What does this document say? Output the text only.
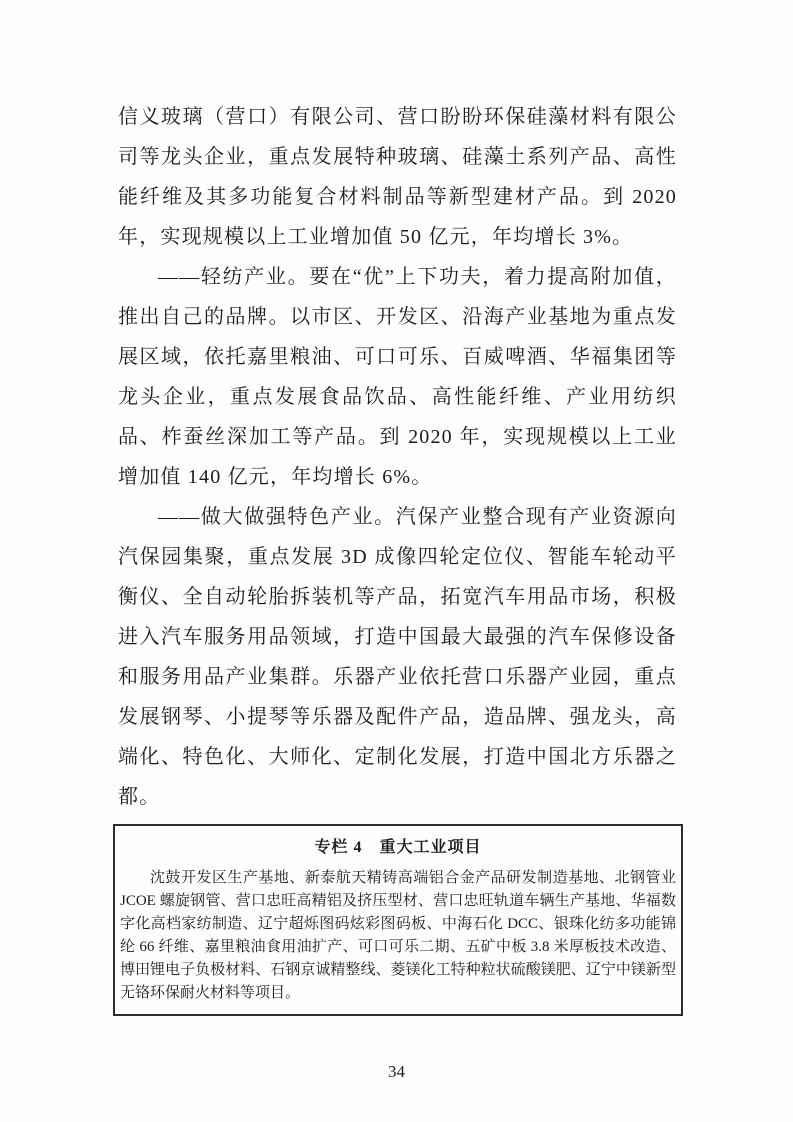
信义玻璃（营口）有限公司、营口盼盼环保硅藻材料有限公司等龙头企业，重点发展特种玻璃、硅藻土系列产品、高性能纤维及其多功能复合材料制品等新型建材产品。到 2020 年，实现规模以上工业增加值 50 亿元，年均增长 3%。

——轻纺产业。要在“优”上下功夫，着力提高附加值，推出自己的品牌。以市区、开发区、沿海产业基地为重点发展区域，依托嘉里粮油、可口可乐、百威啤酒、华福集团等龙头企业，重点发展食品饮品、高性能纤维、产业用纺织品、柞蚕丝深加工等产品。到 2020 年，实现规模以上工业增加值 140 亿元，年均增长 6%。

——做大做强特色产业。汽保产业整合现有产业资源向汽保园集聚，重点发展 3D 成像四轮定位仪、智能车轮动平衡仪、全自动轮胎拆装机等产品，拓宽汽车用品市场，积极进入汽车服务用品领域，打造中国最大最强的汽车保修设备和服务用品产业集群。乐器产业依托营口乐器产业园，重点发展钢琴、小提琴等乐器及配件产品，造品牌、强龙头，高端化、特色化、大师化、定制化发展，打造中国北方乐器之都。

专栏 4　重大工业项目

沈鼓开发区生产基地、新泰航天精铸高端铝合金产品研发制造基地、北钢管业 JCOE 螺旋钢管、营口忠旺高精铝及挤压型材、营口忠旺轨道车辆生产基地、华福数字化高档家纺制造、辽宁超烁图码炫彩图码板、中海石化 DCC、银珠化纺多功能锦纶 66 纤维、嘉里粮油食用油扩产、可口可乐二期、五矿中板 3.8 米厚板技术改造、博田锂电子负极材料、石钢京诚精整线、菱镁化工特种粒状硫酸镁肥、辽宁中镁新型无铬环保耐火材料等项目。

34
